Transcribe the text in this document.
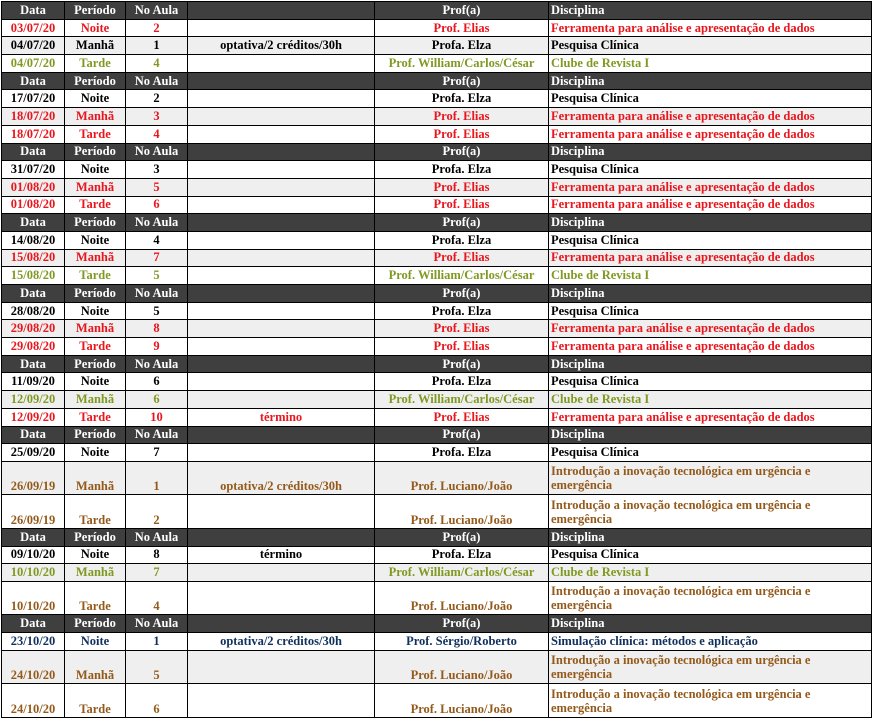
Data	Período	No Aula		Prof(a)	Disciplina
03/07/20	Noite	2		Prof. Elias	Ferramenta para análise e apresentação de dados
04/07/20	Manhã	1	optativa/2 créditos/30h	Profa. Elza	Pesquisa Clínica
04/07/20	Tarde	4		Prof. William/Carlos/César	Clube de Revista I
Data	Período	No Aula		Prof(a)	Disciplina
17/07/20	Noite	2		Profa. Elza	Pesquisa Clínica
18/07/20	Manhã	3		Prof. Elias	Ferramenta para análise e apresentação de dados
18/07/20	Tarde	4		Prof. Elias	Ferramenta para análise e apresentação de dados
Data	Período	No Aula		Prof(a)	Disciplina
31/07/20	Noite	3		Profa. Elza	Pesquisa Clínica
01/08/20	Manhã	5		Prof. Elias	Ferramenta para análise e apresentação de dados
01/08/20	Tarde	6		Prof. Elias	Ferramenta para análise e apresentação de dados
Data	Período	No Aula		Prof(a)	Disciplina
14/08/20	Noite	4		Profa. Elza	Pesquisa Clínica
15/08/20	Manhã	7		Prof. Elias	Ferramenta para análise e apresentação de dados
15/08/20	Tarde	5		Prof. William/Carlos/César	Clube de Revista I
Data	Período	No Aula		Prof(a)	Disciplina
28/08/20	Noite	5		Profa. Elza	Pesquisa Clínica
29/08/20	Manhã	8		Prof. Elias	Ferramenta para análise e apresentação de dados
29/08/20	Tarde	9		Prof. Elias	Ferramenta para análise e apresentação de dados
Data	Período	No Aula		Prof(a)	Disciplina
11/09/20	Noite	6		Profa. Elza	Pesquisa Clínica
12/09/20	Manhã	6		Prof. William/Carlos/César	Clube de Revista I
12/09/20	Tarde	10	término	Prof. Elias	Ferramenta para análise e apresentação de dados
Data	Período	No Aula		Prof(a)	Disciplina
25/09/20	Noite	7		Profa. Elza	Pesquisa Clínica
26/09/19	Manhã	1	optativa/2 créditos/30h	Prof. Luciano/João	Introdução a inovação tecnológica em urgência e emergência
26/09/19	Tarde	2		Prof. Luciano/João	Introdução a inovação tecnológica em urgência e emergência
Data	Período	No Aula		Prof(a)	Disciplina
09/10/20	Noite	8	término	Profa. Elza	Pesquisa Clínica
10/10/20	Manhã	7		Prof. William/Carlos/César	Clube de Revista I
10/10/20	Tarde	4		Prof. Luciano/João	Introdução a inovação tecnológica em urgência e emergência
Data	Período	No Aula		Prof(a)	Disciplina
23/10/20	Noite	1	optativa/2 créditos/30h	Prof. Sérgio/Roberto	Simulação clínica: métodos e aplicação
24/10/20	Manhã	5		Prof. Luciano/João	Introdução a inovação tecnológica em urgência e emergência
24/10/20	Tarde	6		Prof. Luciano/João	Introdução a inovação tecnológica em urgência e emergência
